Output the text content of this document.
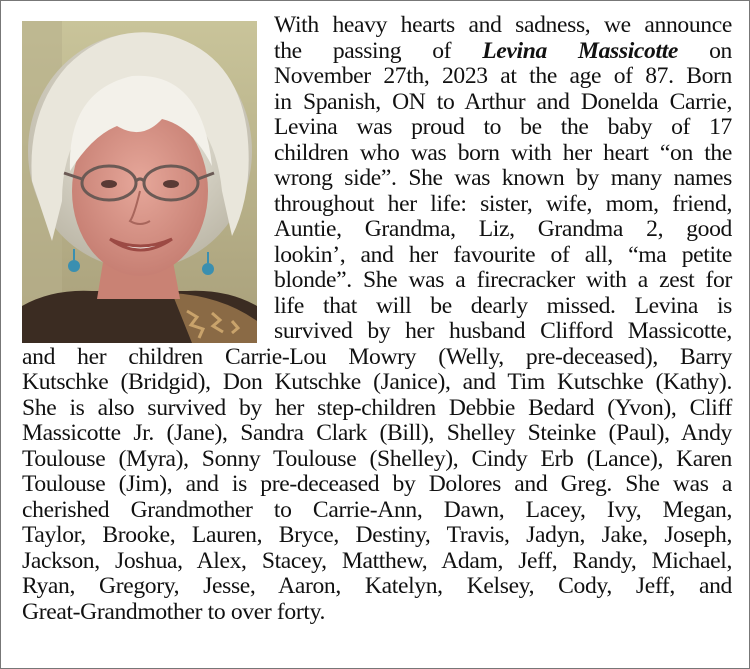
With heavy hearts and sadness, we announce
the passing of Levina Massicotte on
November 27th, 2023 at the age of 87. Born
in Spanish, ON to Arthur and Donelda Carrie,
Levina was proud to be the baby of 17
children who was born with her heart “on the
wrong side”. She was known by many names
throughout her life: sister, wife, mom, friend,
Auntie, Grandma, Liz, Grandma 2, good
lookin’, and her favourite of all, “ma petite
blonde”. She was a firecracker with a zest for
life that will be dearly missed. Levina is
survived by her husband Clifford Massicotte,
and her children Carrie-Lou Mowry (Welly, pre-deceased), Barry
Kutschke (Bridgid), Don Kutschke (Janice), and Tim Kutschke (Kathy).
She is also survived by her step-children Debbie Bedard (Yvon), Cliff
Massicotte Jr. (Jane), Sandra Clark (Bill), Shelley Steinke (Paul), Andy
Toulouse (Myra), Sonny Toulouse (Shelley), Cindy Erb (Lance), Karen
Toulouse (Jim), and is pre-deceased by Dolores and Greg. She was a
cherished Grandmother to Carrie-Ann, Dawn, Lacey, Ivy, Megan,
Taylor, Brooke, Lauren, Bryce, Destiny, Travis, Jadyn, Jake, Joseph,
Jackson, Joshua, Alex, Stacey, Matthew, Adam, Jeff, Randy, Michael,
Ryan, Gregory, Jesse, Aaron, Katelyn, Kelsey, Cody, Jeff, and
Great-Grandmother to over forty.
